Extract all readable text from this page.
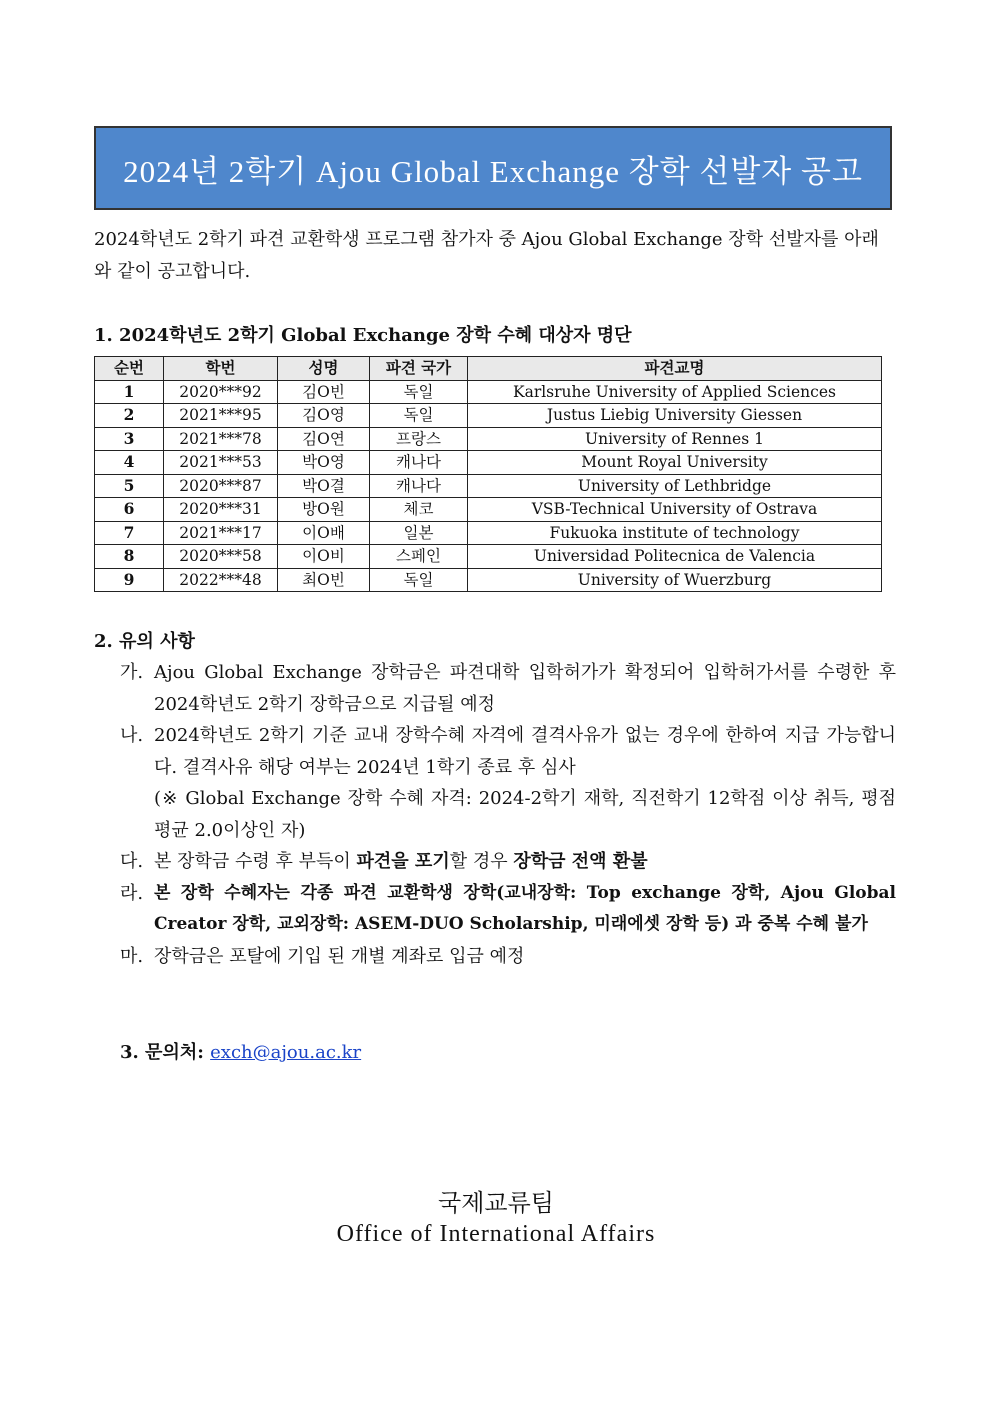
2024년 2학기 Ajou Global Exchange 장학 선발자 공고
2024학년도 2학기 파견 교환학생 프로그램 참가자 중 Ajou Global Exchange 장학 선발자를 아래와 같이 공고합니다.
1. 2024학년도 2학기 Global Exchange 장학 수혜 대상자 명단
순번	학번	성명	파견 국가	파견교명
1	2020***92	김O빈	독일	Karlsruhe University of Applied Sciences
2	2021***95	김O영	독일	Justus Liebig University Giessen
3	2021***78	김O연	프랑스	University of Rennes 1
4	2021***53	박O영	캐나다	Mount Royal University
5	2020***87	박O결	캐나다	University of Lethbridge
6	2020***31	방O원	체코	VSB-Technical University of Ostrava
7	2021***17	이O배	일본	Fukuoka institute of technology
8	2020***58	이O비	스페인	Universidad Politecnica de Valencia
9	2022***48	최O빈	독일	University of Wuerzburg
2. 유의 사항
가. Ajou Global Exchange 장학금은 파견대학 입학허가가 확정되어 입학허가서를 수령한 후 2024학년도 2학기 장학금으로 지급될 예정
나. 2024학년도 2학기 기준 교내 장학수혜 자격에 결격사유가 없는 경우에 한하여 지급 가능합니다. 결격사유 해당 여부는 2024년 1학기 종료 후 심사
(※ Global Exchange 장학 수혜 자격: 2024-2학기 재학, 직전학기 12학점 이상 취득, 평점평균 2.0이상인 자)
다. 본 장학금 수령 후 부득이 파견을 포기할 경우 장학금 전액 환불
라. 본 장학 수혜자는 각종 파견 교환학생 장학(교내장학: Top exchange 장학, Ajou Global Creator 장학, 교외장학: ASEM-DUO Scholarship, 미래에셋 장학 등) 과 중복 수혜 불가
마. 장학금은 포탈에 기입 된 개별 계좌로 입금 예정
3. 문의처: exch@ajou.ac.kr
국제교류팀
Office of International Affairs
